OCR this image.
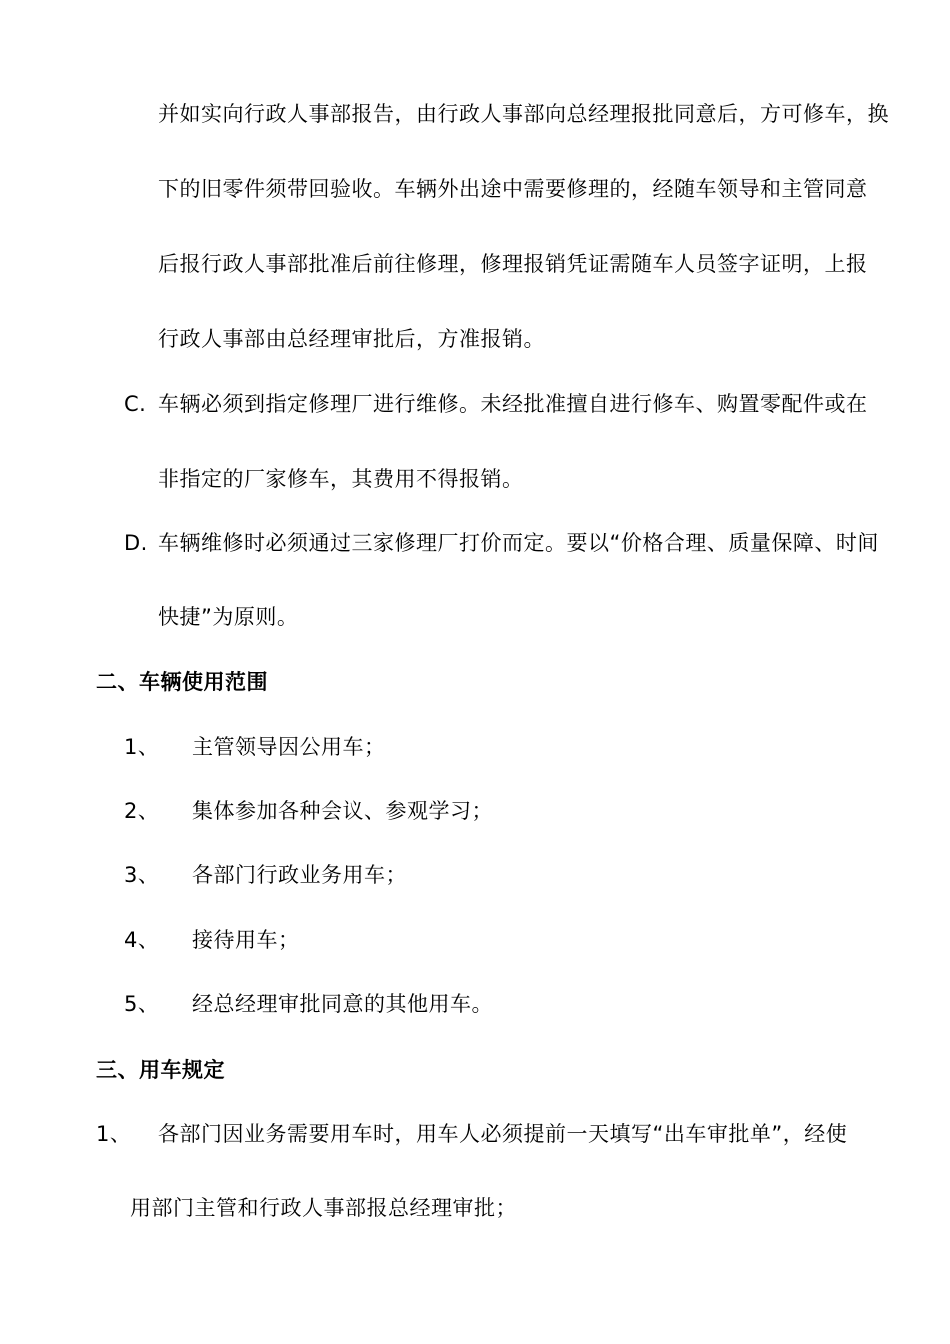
并如实向行政人事部报告，由行政人事部向总经理报批同意后，方可修车，换
下的旧零件须带回验收。车辆外出途中需要修理的，经随车领导和主管同意
后报行政人事部批准后前往修理，修理报销凭证需随车人员签字证明，上报
行政人事部由总经理审批后，方准报销。
C. 车辆必须到指定修理厂进行维修。未经批准擅自进行修车、购置零配件或在
非指定的厂家修车，其费用不得报销。
D. 车辆维修时必须通过三家修理厂打价而定。要以“价格合理、质量保障、时间
快捷”为原则。
二、车辆使用范围
1、 主管领导因公用车；
2、 集体参加各种会议、参观学习；
3、 各部门行政业务用车；
4、 接待用车；
5、 经总经理审批同意的其他用车。
三、用车规定
1、 各部门因业务需要用车时，用车人必须提前一天填写“出车审批单”，经使
用部门主管和行政人事部报总经理审批；
